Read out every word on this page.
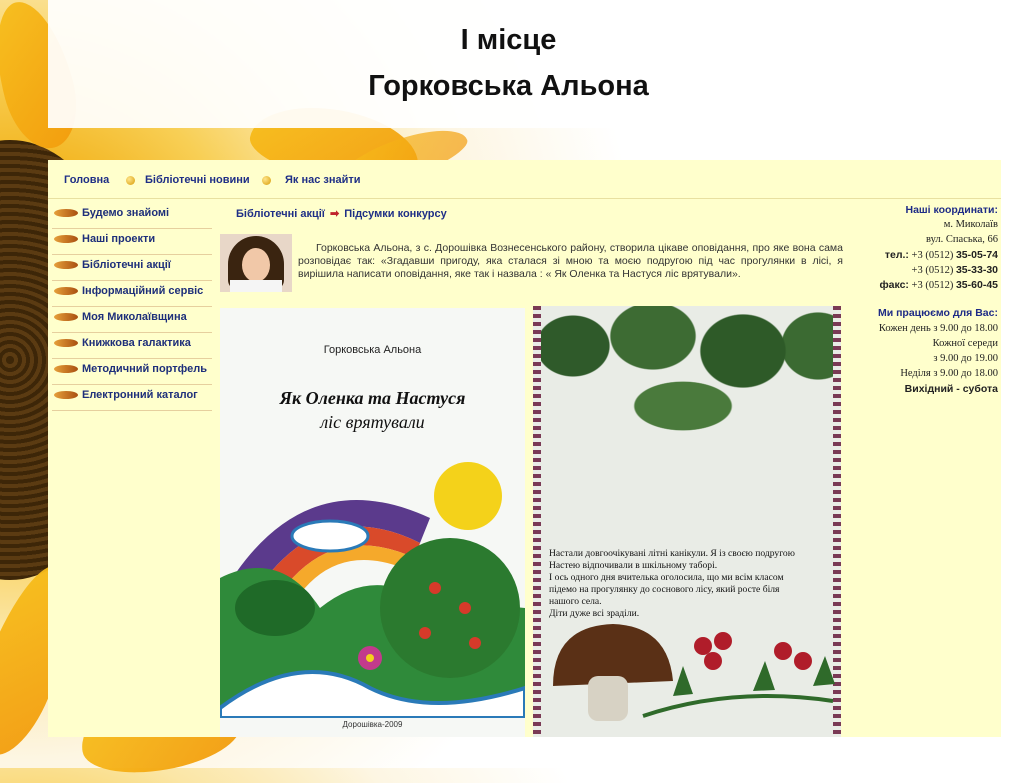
І місце
Горковська Альона
Головна	Бібліотечні новини	Як нас знайти
Будемо знайомі
Наші проекти
Бібліотечні акції
Інформаційний сервіс
Моя Миколаївщина
Книжкова галактика
Методичний портфель
Електронний каталог
Бібліотечні акції ➡ Підсумки конкурсу
Горковська Альона, з с. Дорошівка Вознесенського району, створила цікаве оповідання, про яке вона сама розповідає так: «Згадавши пригоду, яка сталася зі мною та моєю подругою під час прогулянки в лісі, я вирішила написати оповідання, яке так і назвала : « Як Оленка та Настуся ліс врятували».
Наші координати:
м. Миколаїв
вул. Спаська, 66
тел.: +3 (0512) 35-05-74
+3 (0512) 35-33-30
факс: +3 (0512) 35-60-45
Ми працюємо для Вас:
Кожен день з 9.00 до 18.00
Кожної середи
з 9.00 до 19.00
Неділя з 9.00 до 18.00
Вихідний - субота
Горковська Альона
Як Оленка та Настуся
ліс врятували
Дорошівка-2009
Настали довгоочікувані літні канікули. Я із своєю подругою
Настею відпочивали в шкільному таборі.
І ось одного дня вчителька оголосила, що ми всім класом
підемо на прогулянку до соснового лісу, який росте біля
нашого села.
Діти дуже всі зраділи.
